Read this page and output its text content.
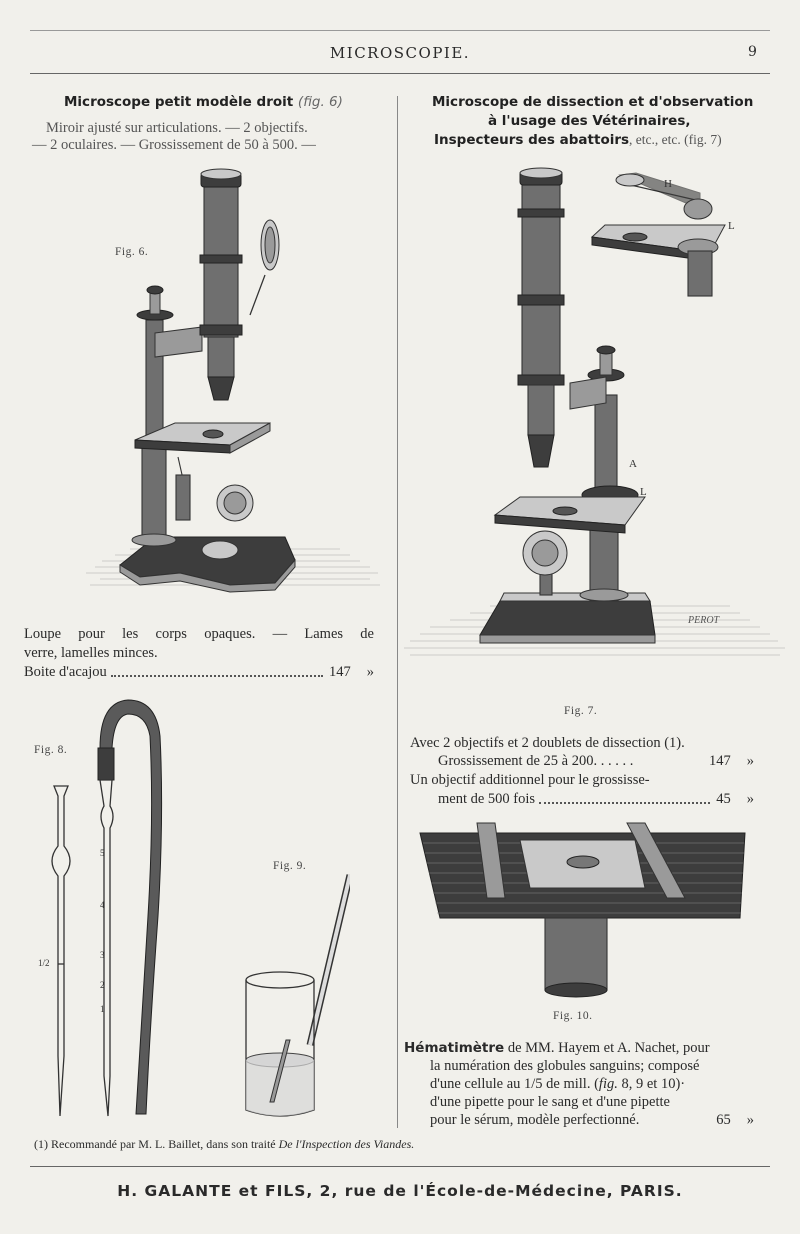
MICROSCOPIE.	9
Microscope petit modèle droit (fig. 6)
Miroir ajusté sur articulations. — 2 objectifs.
— 2 oculaires. — Grossissement de 50 à 500. —
Fig. 6.
Loupe pour les corps opaques. — Lames de
verre, lamelles minces.
Boite d'acajou	147 »
Fig. 8.
Fig. 9.
5
4
3
2
1
1/2
Microscope de dissection et d'observation
à l'usage des Vétérinaires,
Inspecteurs des abattoirs, etc., etc. (fig. 7)
PEROT
H
L
A
L
Fig. 7.
Avec 2 objectifs et 2 doublets de dissection (1).
Grossissement de 25 à 200. . . . . .	147 »
Un objectif additionnel pour le grossisse-
ment de 500 fois	45 »
Fig. 10.
Hématimètre de MM. Hayem et A. Nachet, pour
la numération des globules sanguins; composé
d'une cellule au 1/5 de mill. (fig. 8, 9 et 10)·
d'une pipette pour le sang et d'une pipette
pour le sérum, modèle perfectionné.	65 »
(1) Recommandé par M. L. Baillet, dans son traité De l'Inspection des Viandes.
H. GALANTE et FILS, 2, rue de l'École-de-Médecine, PARIS.
